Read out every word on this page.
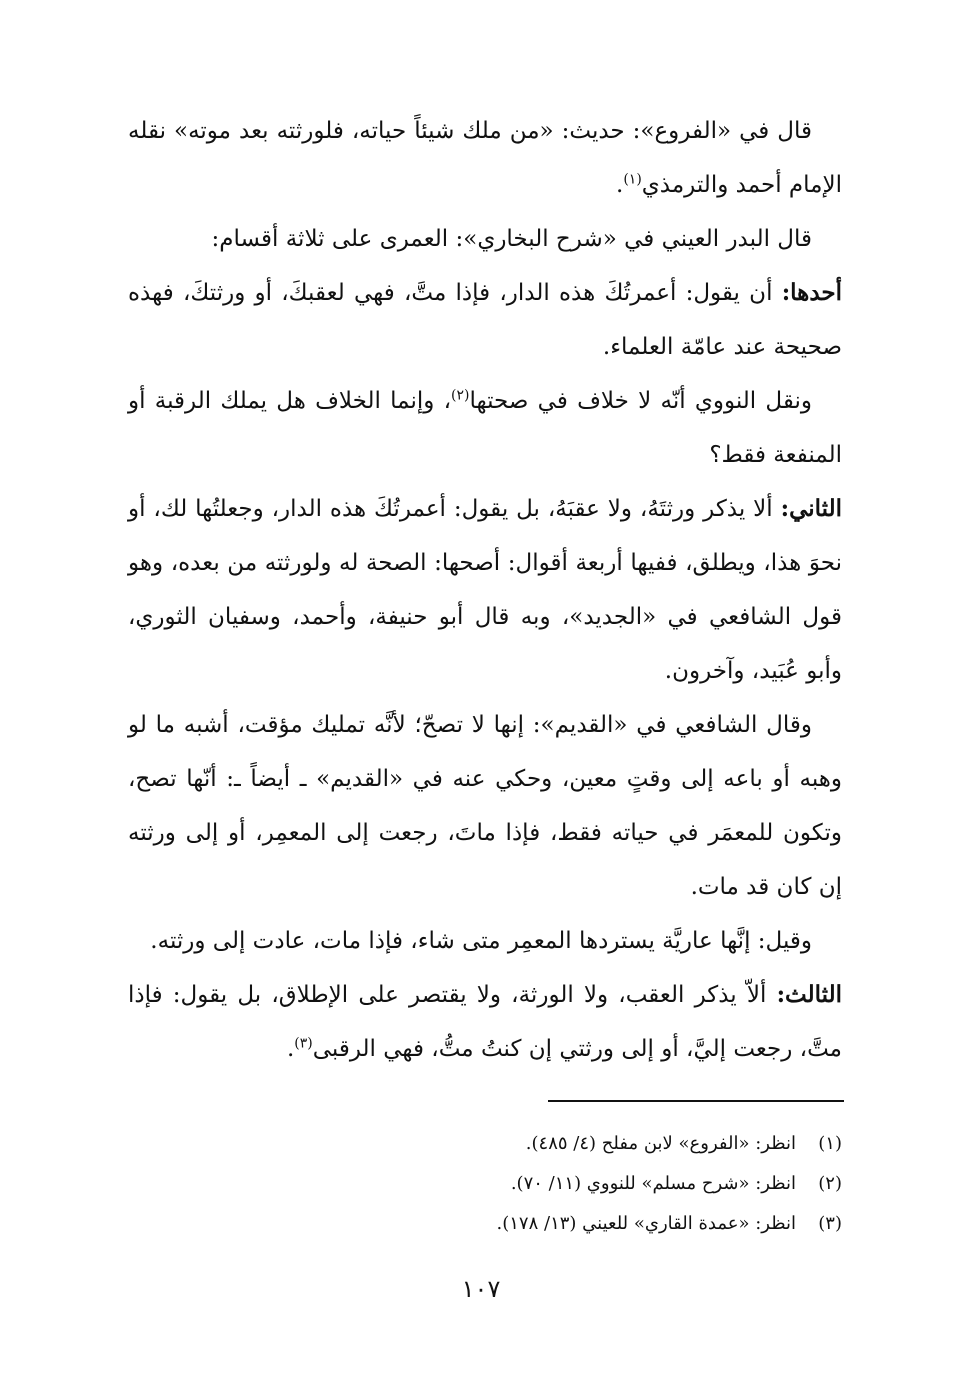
قال في «الفروع»: حديث: «من ملك شيئاً حياته، فلورثته بعد موته» نقله الإمام أحمد والترمذي$^{(١)}$.

قال البدر العيني في «شرح البخاري»: العمرى على ثلاثة أقسام:

أحدها: أن يقول: أعمرتُكَ هذه الدار، فإذا متَّ، فهي لعقبكَ، أو ورثتكَ، فهذه صحيحة عند عامّة العلماء.

ونقل النووي أنّه لا خلاف في صحتها$^{(٢)}$، وإنما الخلاف هل يملك الرقبة أو المنفعة فقط؟

الثاني: ألا يذكر ورثتَهُ، ولا عقبَهُ، بل يقول: أعمرتُكَ هذه الدار، وجعلتُها لك، أو نحوَ هذا، ويطلق، ففيها أربعة أقوال: أصحها: الصحة له ولورثته من بعده، وهو قول الشافعي في «الجديد»، وبه قال أبو حنيفة، وأحمد، وسفيان الثوري، وأبو عُبَيد، وآخرون.

وقال الشافعي في «القديم»: إنها لا تصحّ؛ لأنَّه تمليك مؤقت، أشبه ما لو وهبه أو باعه إلى وقتٍ معين، وحكي عنه في «القديم» ـ أيضاً ـ: أنّها تصح، وتكون للمعمَر في حياته فقط، فإذا ماتَ، رجعت إلى المعمِر، أو إلى ورثته إن كان قد مات.

وقيل: إنَّها عاريَّة يستردها المعمِر متى شاء، فإذا مات، عادت إلى ورثته.

الثالث: ألاّ يذكر العقب، ولا الورثة، ولا يقتصر على الإطلاق، بل يقول: فإذا متَّ، رجعت إليَّ، أو إلى ورثتي إن كنتُ متُّ، فهي الرقبى$^{(٣)}$.

(١)انظر: «الفروع» لابن مفلح (٤/ ٤٨٥).

(٢)انظر: «شرح مسلم» للنووي (١١/ ٧٠).

(٣)انظر: «عمدة القاري» للعيني (١٣/ ١٧٨).

١٠٧
